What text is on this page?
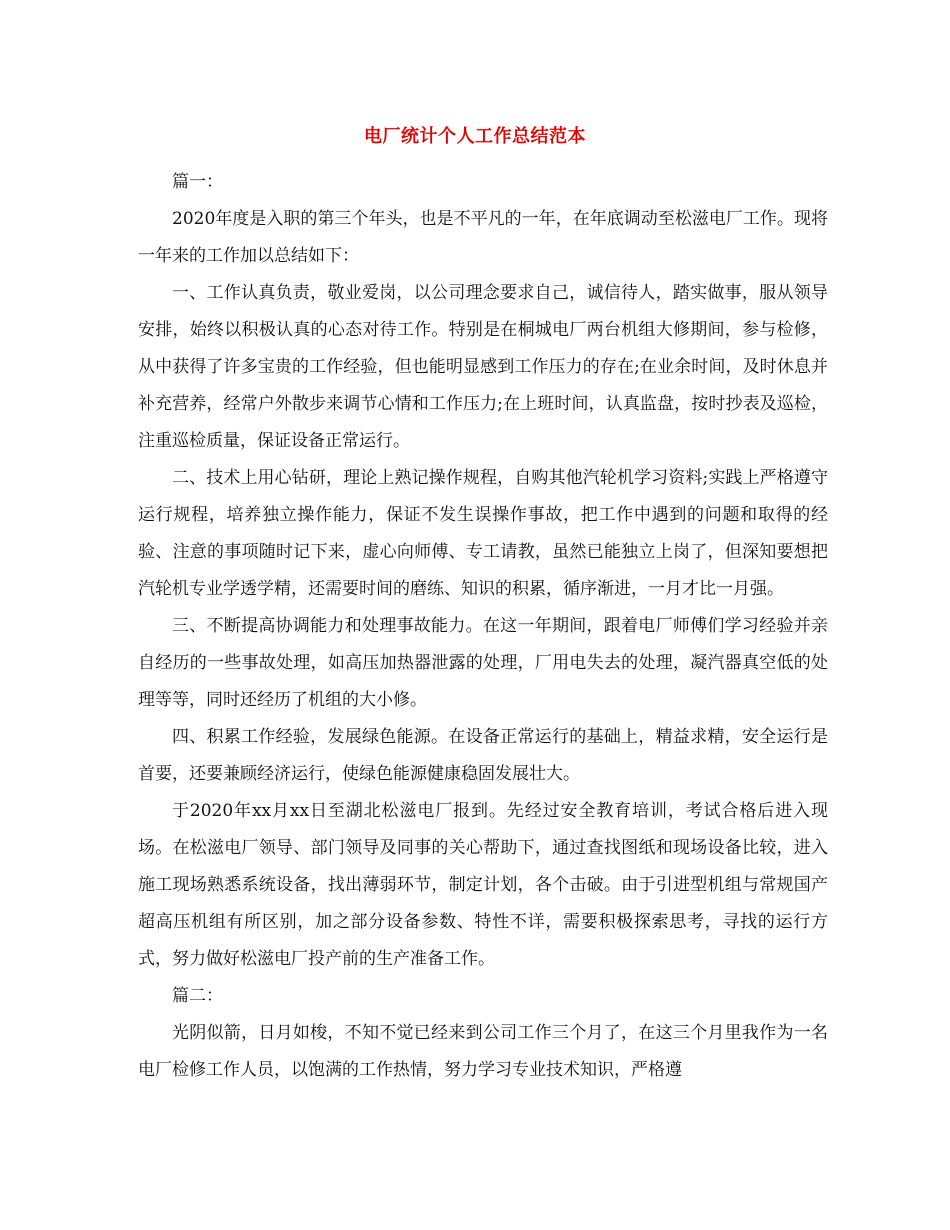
电厂统计个人工作总结范本

篇一：

2020年度是入职的第三个年头，也是不平凡的一年，在年底调动至松滋电厂工作。现将一年来的工作加以总结如下：

一、工作认真负责，敬业爱岗，以公司理念要求自己，诚信待人，踏实做事，服从领导安排，始终以积极认真的心态对待工作。特别是在桐城电厂两台机组大修期间，参与检修，从中获得了许多宝贵的工作经验，但也能明显感到工作压力的存在;在业余时间，及时休息并补充营养，经常户外散步来调节心情和工作压力;在上班时间，认真监盘，按时抄表及巡检，注重巡检质量，保证设备正常运行。

二、技术上用心钻研，理论上熟记操作规程，自购其他汽轮机学习资料;实践上严格遵守运行规程，培养独立操作能力，保证不发生误操作事故，把工作中遇到的问题和取得的经验、注意的事项随时记下来，虚心向师傅、专工请教，虽然已能独立上岗了，但深知要想把汽轮机专业学透学精，还需要时间的磨练、知识的积累，循序渐进，一月才比一月强。

三、不断提高协调能力和处理事故能力。在这一年期间，跟着电厂师傅们学习经验并亲自经历的一些事故处理，如高压加热器泄露的处理，厂用电失去的处理，凝汽器真空低的处理等等，同时还经历了机组的大小修。

四、积累工作经验，发展绿色能源。在设备正常运行的基础上，精益求精，安全运行是首要，还要兼顾经济运行，使绿色能源健康稳固发展壮大。

于2020年xx月xx日至湖北松滋电厂报到。先经过安全教育培训，考试合格后进入现场。在松滋电厂领导、部门领导及同事的关心帮助下，通过查找图纸和现场设备比较，进入施工现场熟悉系统设备，找出薄弱环节，制定计划，各个击破。由于引进型机组与常规国产超高压机组有所区别，加之部分设备参数、特性不详，需要积极探索思考，寻找的运行方式，努力做好松滋电厂投产前的生产准备工作。

篇二：

光阴似箭，日月如梭，不知不觉已经来到公司工作三个月了，在这三个月里我作为一名电厂检修工作人员，以饱满的工作热情，努力学习专业技术知识，严格遵
